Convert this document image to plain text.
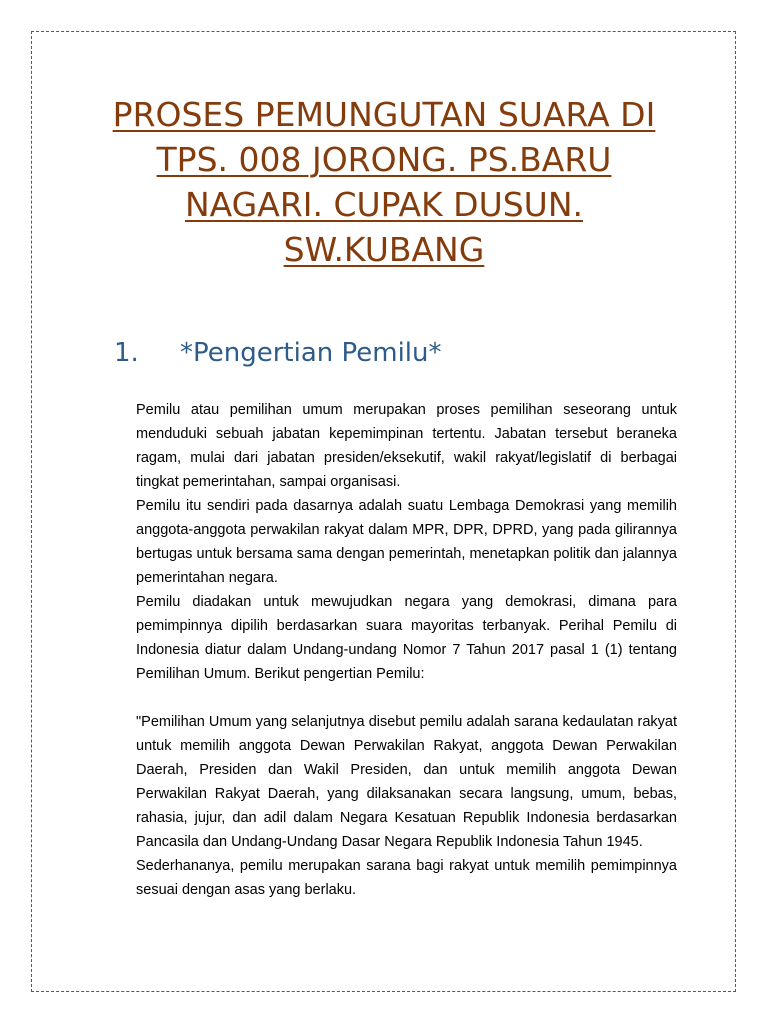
PROSES PEMUNGUTAN SUARA DI
TPS. 008 JORONG. PS.BARU
NAGARI. CUPAK DUSUN.
SW.KUBANG
1. *Pengertian Pemilu*

Pemilu atau pemilihan umum merupakan proses pemilihan seseorang untuk menduduki sebuah jabatan kepemimpinan tertentu. Jabatan tersebut beraneka ragam, mulai dari jabatan presiden/eksekutif, wakil rakyat/legislatif di berbagai tingkat pemerintahan, sampai organisasi.

Pemilu itu sendiri pada dasarnya adalah suatu Lembaga Demokrasi yang memilih anggota-anggota perwakilan rakyat dalam MPR, DPR, DPRD, yang pada gilirannya bertugas untuk bersama sama dengan pemerintah, menetapkan politik dan jalannya pemerintahan negara.

Pemilu diadakan untuk mewujudkan negara yang demokrasi, dimana para pemimpinnya dipilih berdasarkan suara mayoritas terbanyak. Perihal Pemilu di Indonesia diatur dalam Undang-undang Nomor 7 Tahun 2017 pasal 1 (1) tentang Pemilihan Umum. Berikut pengertian Pemilu:

"Pemilihan Umum yang selanjutnya disebut pemilu adalah sarana kedaulatan rakyat untuk memilih anggota Dewan Perwakilan Rakyat, anggota Dewan Perwakilan Daerah, Presiden dan Wakil Presiden, dan untuk memilih anggota Dewan Perwakilan Rakyat Daerah, yang dilaksanakan secara langsung, umum, bebas, rahasia, jujur, dan adil dalam Negara Kesatuan Republik Indonesia berdasarkan Pancasila dan Undang-Undang Dasar Negara Republik Indonesia Tahun 1945.

Sederhananya, pemilu merupakan sarana bagi rakyat untuk memilih pemimpinnya sesuai dengan asas yang berlaku.
